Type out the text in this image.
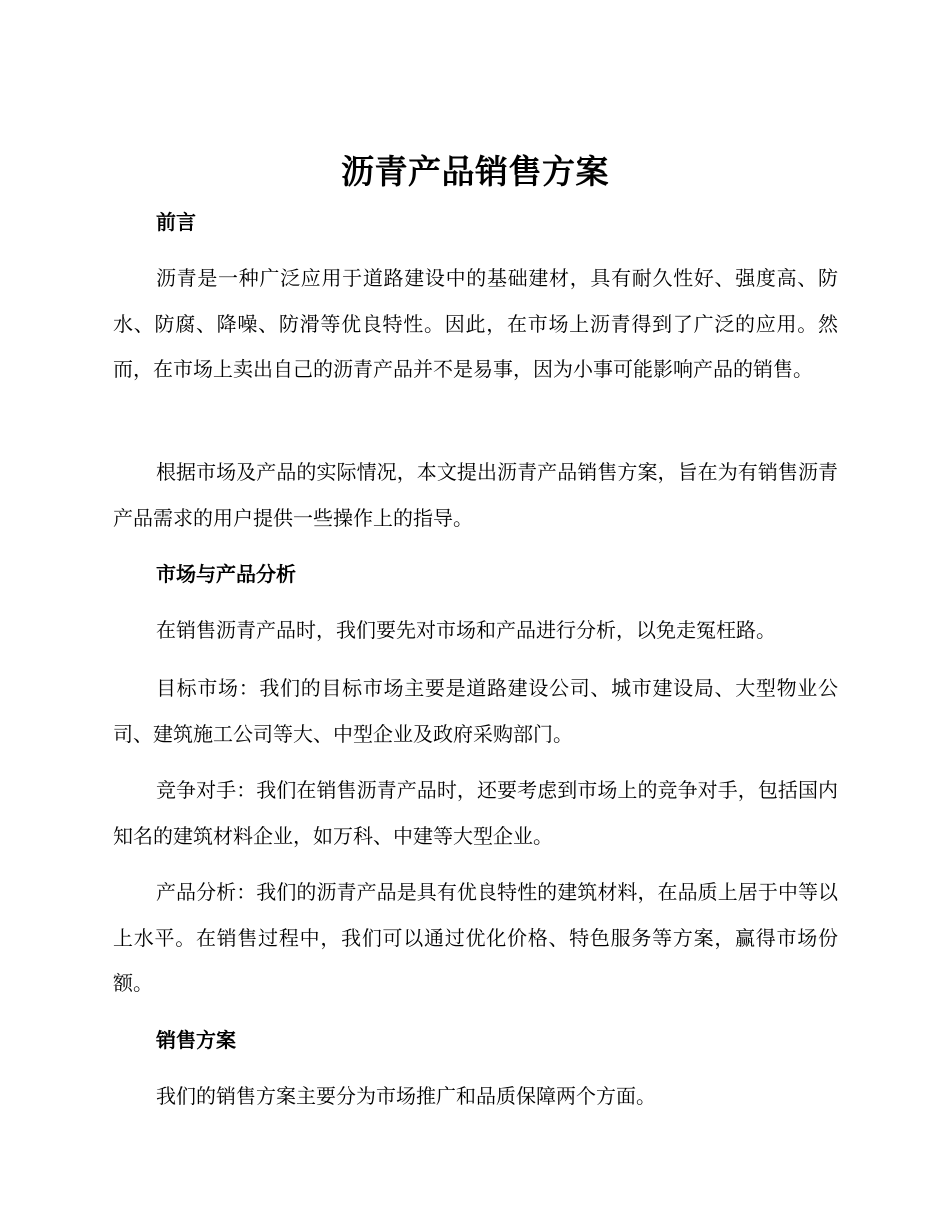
沥青产品销售方案
前言

沥青是一种广泛应用于道路建设中的基础建材，具有耐久性好、强度高、防水、防腐、降噪、防滑等优良特性。因此，在市场上沥青得到了广泛的应用。然而，在市场上卖出自己的沥青产品并不是易事，因为小事可能影响产品的销售。

根据市场及产品的实际情况，本文提出沥青产品销售方案，旨在为有销售沥青产品需求的用户提供一些操作上的指导。

市场与产品分析

在销售沥青产品时，我们要先对市场和产品进行分析，以免走冤枉路。

目标市场：我们的目标市场主要是道路建设公司、城市建设局、大型物业公司、建筑施工公司等大、中型企业及政府采购部门。

竞争对手：我们在销售沥青产品时，还要考虑到市场上的竞争对手，包括国内知名的建筑材料企业，如万科、中建等大型企业。

产品分析：我们的沥青产品是具有优良特性的建筑材料，在品质上居于中等以上水平。在销售过程中，我们可以通过优化价格、特色服务等方案，赢得市场份额。

销售方案

我们的销售方案主要分为市场推广和品质保障两个方面。
